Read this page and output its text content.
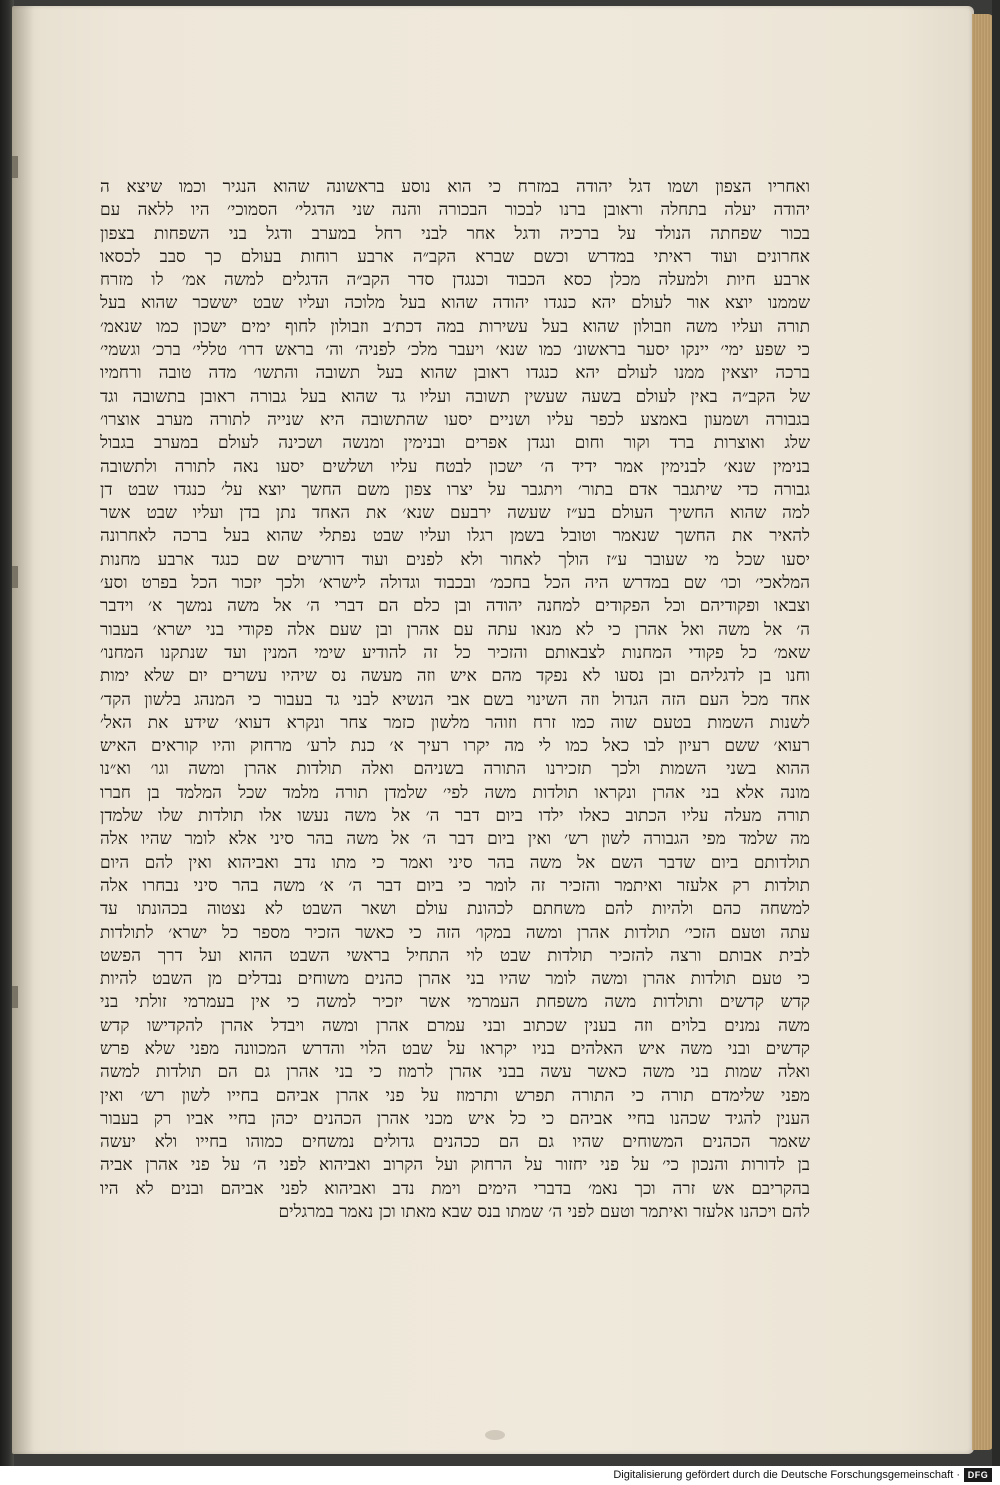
ואחריו הצפון ושמו דגל יהודה במזרח כי הוא נוסע בראשונה שהוא הנגיר וכמו שיצא ה
יהודה יעלה בתחלה וראובן ברנו לבכור הבכורה והנה שני הדגלי׳ הסמוכי׳ היו ללאה עם
בכור שפחתה הנולד על ברכיה ודגל אחר לבני רחל במערב ודגל בני השפחות בצפון
אחרונים ועוד ראיתי במדרש וכשם שברא הקב״ה ארבע רוחות בעולם כך סבב לכסאו
ארבע חיות ולמעלה מכלן כסא הכבוד וכנגדן סדר הקב״ה הדגלים למשה אמ׳ לו מזרח
שממנו יוצא אור לעולם יהא כנגדו יהודה שהוא בעל מלוכה ועליו שבט יששכר שהוא בעל
תורה ועליו משה וזבולון שהוא בעל עשירות במה דכת׳ב וזבולון לחוף ימים ישכון כמו שנאמ׳
כי שפע ימי׳ יינקו יסער בראשונ׳ כמו שנא׳ ויעבר מלכ׳ לפניה׳ וה׳ בראש דרו׳ טללי׳ ברכ׳ וגשמי׳
ברכה יוצאין ממנו לעולם יהא כנגדו ראובן שהוא בעל תשובה והתשו׳ מדה טובה ורחמיו
של הקב״ה באין לעולם בשעה שעשין תשובה ועליו גד שהוא בעל גבורה ראובן בתשובה וגד
בגבורה ושמעון באמצע לכפר עליו ושניים יסעו שהתשובה היא שנייה לתורה מערב אוצרו׳
שלג ואוצרות ברד וקור וחום ונגדן אפרים ובנימין ומנשה ושכינה לעולם במערב בגבול
בנימין שנא׳ לבנימין אמר ידיד ה׳ ישכון לבטח עליו ושלשים יסעו נאה לתורה ולתשובה
גבורה כדי שיתגבר אדם בתור׳ ויתגבר על יצרו צפון משם החשך יוצא על׳ כנגדו שבט דן
למה שהוא החשיך העולם בע״ז שעשה ירבעם שנא׳ את האחד נתן בדן ועליו שבט אשר
להאיר את החשך שנאמר וטובל בשמן רגלו ועליו שבט נפתלי שהוא בעל ברכה לאחרונה
יסעו שכל מי שעובר ע״ז הולך לאחור ולא לפנים ועוד דורשים שם כנגד ארבע מחנות
המלאכי׳ וכו׳ שם במדרש היה הכל בחכמ׳ ובכבוד וגדולה לישרא׳ ולכך יזכור הכל בפרט וסע׳
וצבאו ופקודיהם וכל הפקודים למחנה יהודה ובן כלם הם דברי ה׳ אל משה נמשך א׳ וידבר
ה׳ אל משה ואל אהרן כי לא מנאו עתה עם אהרן ובן שעם אלה פקודי בני ישרא׳ בעבור
שאמ׳ כל פקודי המחנות לצבאותם והזכיר כל זה להודיע שימי המנין ועד שנתקנו המחנו׳
וחנו בן לדגליהם ובן נסעו לא נפקד מהם איש וזה מעשה נס שיהיו עשרים יום שלא ימות
אחד מכל העם הזה הגדול וזה השינוי בשם אבי הנשיא לבני גד בעבור כי המנהג בלשון הקד׳
לשנות השמות בטעם שוה כמו זרח וזוהר מלשון כזמר צחר ונקרא דעוא׳ שידע את האל׳
רעוא׳ ששם רעיון לבו כאל כמו לי מה יקרו רעיך א׳ כנת לרע׳ מרחוק והיו קוראים האיש
ההוא בשני השמות ולכך תזכירנו התורה בשניהם ואלה תולדות אהרן ומשה וגו׳ וא״נו
מונה אלא בני אהרן ונקראו תולדות משה לפי׳ שלמדן תורה מלמד שכל המלמד בן חברו
תורה מעלה עליו הכתוב כאלו ילדו ביום דבר ה׳ אל משה נעשו אלו תולדות שלו שלמדן
מה שלמד מפי הגבורה לשון רש׳ ואין ביום דבר ה׳ אל משה בהר סיני אלא לומר שהיו אלה
תולדותם ביום שדבר השם אל משה בהר סיני ואמר כי מתו נדב ואביהוא ואין להם היום
תולדות רק אלעזר ואיתמר והזכיר זה לומר כי ביום דבר ה׳ א׳ משה בהר סיני נבחרו אלה
למשחה כהם ולהיות להם משחתם לכהונת עולם ושאר השבט לא נצטוה בכהונתו עד
עתה וטעם הזכי׳ תולדות אהרן ומשה במקו׳ הזה כי כאשר הזכיר מספר כל ישרא׳ לתולדות
לבית אבותם ורצה להזכיר תולדות שבט לוי התחיל בראשי השבט ההוא ועל דרך הפשט
כי טעם תולדות אהרן ומשה לומר שהיו בני אהרן כהנים משוחים נבדלים מן השבט להיות
קדש קדשים ותולדות משה משפחת העמרמי אשר יזכיר למשה כי אין בעמרמי זולתי בני
משה נמנים בלוים וזה בענין שכתוב ובני עמרם אהרן ומשה ויבדל אהרן להקדישו קדש
קדשים ובני משה איש האלהים בניו יקראו על שבט הלוי והדרש המכוונה מפני שלא פרש
ואלה שמות בני משה כאשר עשה בבני אהרן לרמוז כי בני אהרן גם הם תולדות למשה
מפני שלימדם תורה כי התורה תפרש ותרמוז על פני אהרן אביהם בחייו לשון רש׳ ואין
הענין להגיד שכהנו בחיי אביהם כי כל איש מכני אהרן הכהנים יכהן בחיי אביו רק בעבור
שאמר הכהנים המשוחים שהיו גם הם ככהנים גדולים נמשחים כמוהו בחייו ולא יעשה
בן לדורות והנכון כי׳ על פני יחזור על הרחוק ועל הקרוב ואביהוא לפני ה׳ על פני אהרן אביה
בהקריבם אש זרה וכך נאמ׳ בדברי הימים וימת נדב ואביהוא לפני אביהם ובנים לא היו
להם ויכהנו אלעזר ואיתמר וטעם לפני ה׳ שמתו בנס שבא מאתו וכן נאמר במרגלים
Digitalisierung gefördert durch die Deutsche Forschungsgemeinschaft · DFG
